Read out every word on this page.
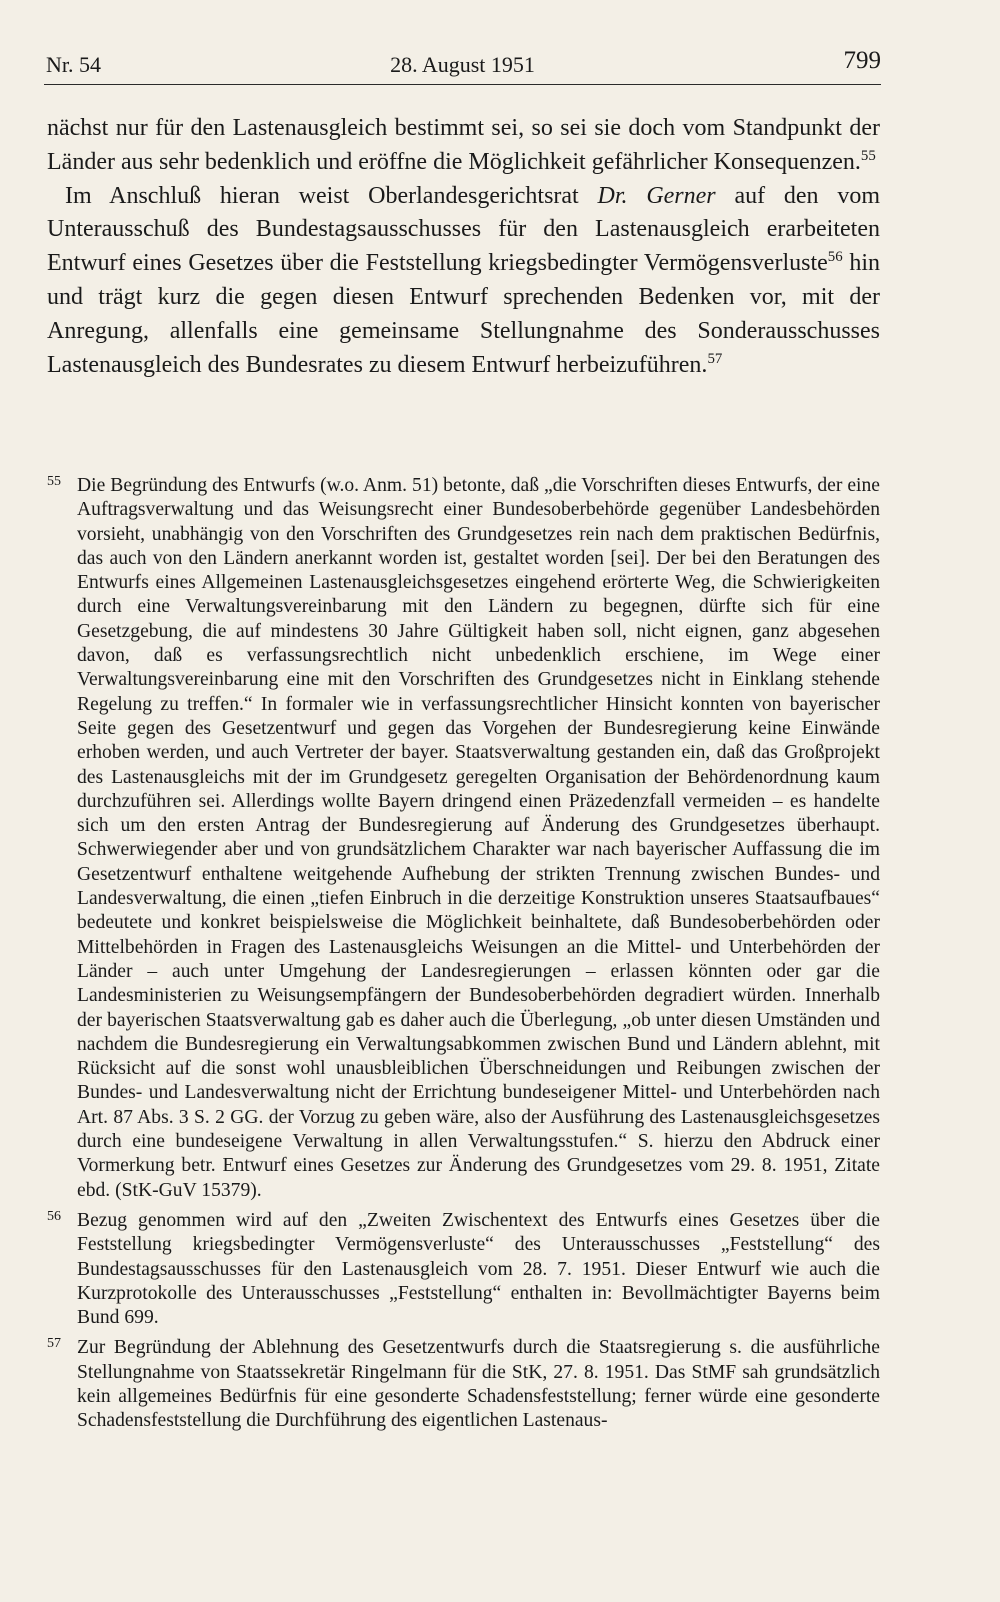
Nr. 54	28. August 1951	799

nächst nur für den Lastenausgleich bestimmt sei, so sei sie doch vom Standpunkt der Länder aus sehr bedenklich und eröffne die Möglichkeit gefährlicher Konsequenzen.$^{55}$

Im Anschluß hieran weist Oberlandesgerichtsrat Dr. Gerner auf den vom Unterausschuß des Bundestagsausschusses für den Lastenausgleich erarbeiteten Entwurf eines Gesetzes über die Feststellung kriegsbedingter Vermögensverluste$^{56}$ hin und trägt kurz die gegen diesen Entwurf sprechenden Bedenken vor, mit der Anregung, allenfalls eine gemeinsame Stellungnahme des Sonderausschusses Lastenausgleich des Bundesrates zu diesem Entwurf herbeizuführen.$^{57}$

55 Die Begründung des Entwurfs (w.o. Anm. 51) betonte, daß „die Vorschriften dieses Entwurfs, der eine Auftragsverwaltung und das Weisungsrecht einer Bundesoberbehörde gegenüber Landesbehörden vorsieht, unabhängig von den Vorschriften des Grundgesetzes rein nach dem praktischen Bedürfnis, das auch von den Ländern anerkannt worden ist, gestaltet worden [sei]. Der bei den Beratungen des Entwurfs eines Allgemeinen Lastenausgleichsgesetzes eingehend erörterte Weg, die Schwierigkeiten durch eine Verwaltungsvereinbarung mit den Ländern zu begegnen, dürfte sich für eine Gesetzgebung, die auf mindestens 30 Jahre Gültigkeit haben soll, nicht eignen, ganz abgesehen davon, daß es verfassungsrechtlich nicht unbedenklich erschiene, im Wege einer Verwaltungsvereinbarung eine mit den Vorschriften des Grundgesetzes nicht in Einklang stehende Regelung zu treffen.“ In formaler wie in verfassungsrechtlicher Hinsicht konnten von bayerischer Seite gegen des Gesetzentwurf und gegen das Vorgehen der Bundesregierung keine Einwände erhoben werden, und auch Vertreter der bayer. Staatsverwaltung gestanden ein, daß das Großprojekt des Lastenausgleichs mit der im Grundgesetz geregelten Organisation der Behördenordnung kaum durchzuführen sei. Allerdings wollte Bayern dringend einen Präzedenzfall vermeiden – es handelte sich um den ersten Antrag der Bundesregierung auf Änderung des Grundgesetzes überhaupt. Schwerwiegender aber und von grundsätzlichem Charakter war nach bayerischer Auffassung die im Gesetzentwurf enthaltene weitgehende Aufhebung der strikten Trennung zwischen Bundes- und Landesverwaltung, die einen „tiefen Einbruch in die derzeitige Konstruktion unseres Staatsaufbaues“ bedeutete und konkret beispielsweise die Möglichkeit beinhaltete, daß Bundesoberbehörden oder Mittelbehörden in Fragen des Lastenausgleichs Weisungen an die Mittel- und Unterbehörden der Länder – auch unter Umgehung der Landesregierungen – erlassen könnten oder gar die Landesministerien zu Weisungsempfängern der Bundesoberbehörden degradiert würden. Innerhalb der bayerischen Staatsverwaltung gab es daher auch die Überlegung, „ob unter diesen Umständen und nachdem die Bundesregierung ein Verwaltungsabkommen zwischen Bund und Ländern ablehnt, mit Rücksicht auf die sonst wohl unausbleiblichen Überschneidungen und Reibungen zwischen der Bundes- und Landesverwaltung nicht der Errichtung bundeseigener Mittel- und Unterbehörden nach Art. 87 Abs. 3 S. 2 GG. der Vorzug zu geben wäre, also der Ausführung des Lastenausgleichsgesetzes durch eine bundeseigene Verwaltung in allen Verwaltungsstufen.“ S. hierzu den Abdruck einer Vormerkung betr. Entwurf eines Gesetzes zur Änderung des Grundgesetzes vom 29. 8. 1951, Zitate ebd. (StK-GuV 15379).
56 Bezug genommen wird auf den „Zweiten Zwischentext des Entwurfs eines Gesetzes über die Feststellung kriegsbedingter Vermögensverluste“ des Unterausschusses „Feststellung“ des Bundestagsausschusses für den Lastenausgleich vom 28. 7. 1951. Dieser Entwurf wie auch die Kurzprotokolle des Unterausschusses „Feststellung“ enthalten in: Bevollmächtigter Bayerns beim Bund 699.
57 Zur Begründung der Ablehnung des Gesetzentwurfs durch die Staatsregierung s. die ausführliche Stellungnahme von Staatssekretär Ringelmann für die StK, 27. 8. 1951. Das StMF sah grundsätzlich kein allgemeines Bedürfnis für eine gesonderte Schadensfeststellung; ferner würde eine gesonderte Schadensfeststellung die Durchführung des eigentlichen Lastenaus-
